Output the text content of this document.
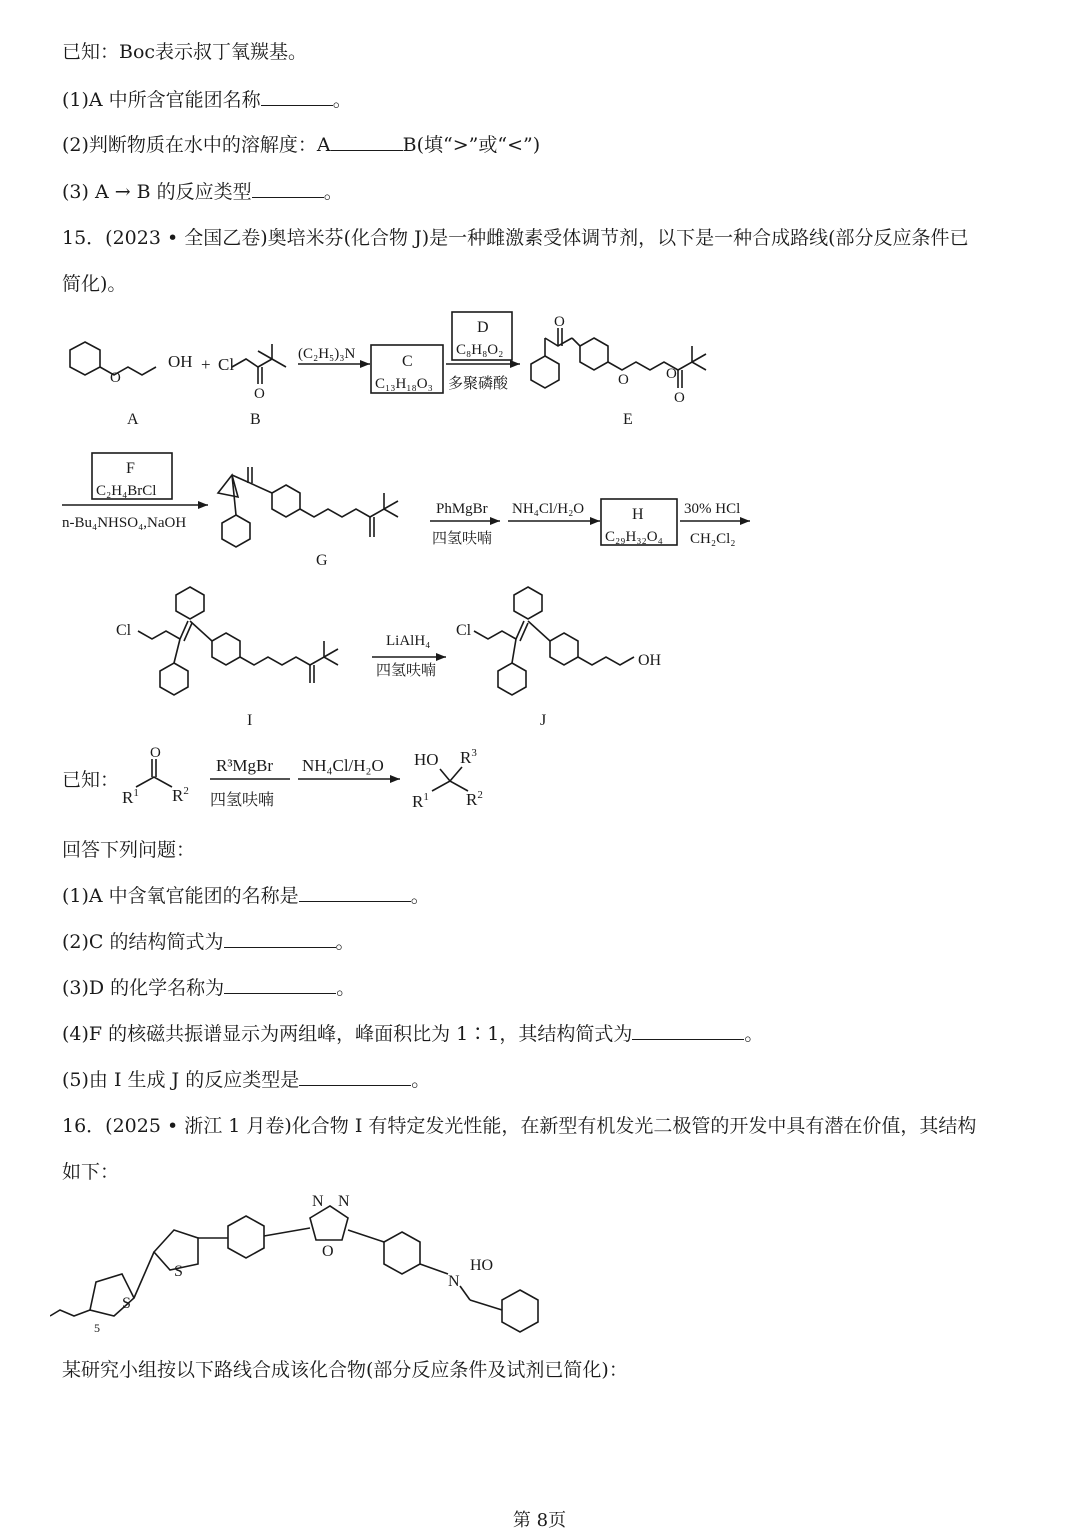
已知：Boc表示叔丁氧羰基。
(1)A 中所含官能团名称	。
(2)判断物质在水中的溶解度：A	B(填“>”或“<”)
(3) A → B 的反应类型	。
15．(2023 • 全国乙卷)奥培米芬(化合物 J)是一种雌激素受体调节剂，以下是一种合成路线(部分反应条件已
简化)。
OH
O
+ Cl
O
(C₂H₅)₃N	C
C₁₃H₁₈O₃
D
C₈H₈O₂
多聚磷酸
O
O O
O
A	B	E
F
C₂H₄BrCl
n-Bu₄NHSO₄,NaOH
G
PhMgBr
四氢呋喃
NH₄Cl/H₂O	H
C₂₉H₃₂O₄
30% HCl
CH₂Cl₂
Cl
LiAlH₄
四氢呋喃
Cl
OH
I	J
已知：
O
$R^1$ $R^2$
R³MgBr
四氢呋喃
NH₄Cl/H₂O HO $R^3$
$R^1$ $R^2$
回答下列问题：
(1)A 中含氧官能团的名称是	。
(2)C 的结构简式为	。
(3)D 的化学名称为	。
(4)F 的核磁共振谱显示为两组峰，峰面积比为 1∶1，其结构简式为	。
(5)由 I 生成 J 的反应类型是	。
16．(2025 • 浙江 1 月卷)化合物 I 有特定发光性能，在新型有机发光二极管的开发中具有潜在价值，其结构
如下：
N N
O
S
S
N
HO
5
某研究小组按以下路线合成该化合物(部分反应条件及试剂已简化)：
第 8页
